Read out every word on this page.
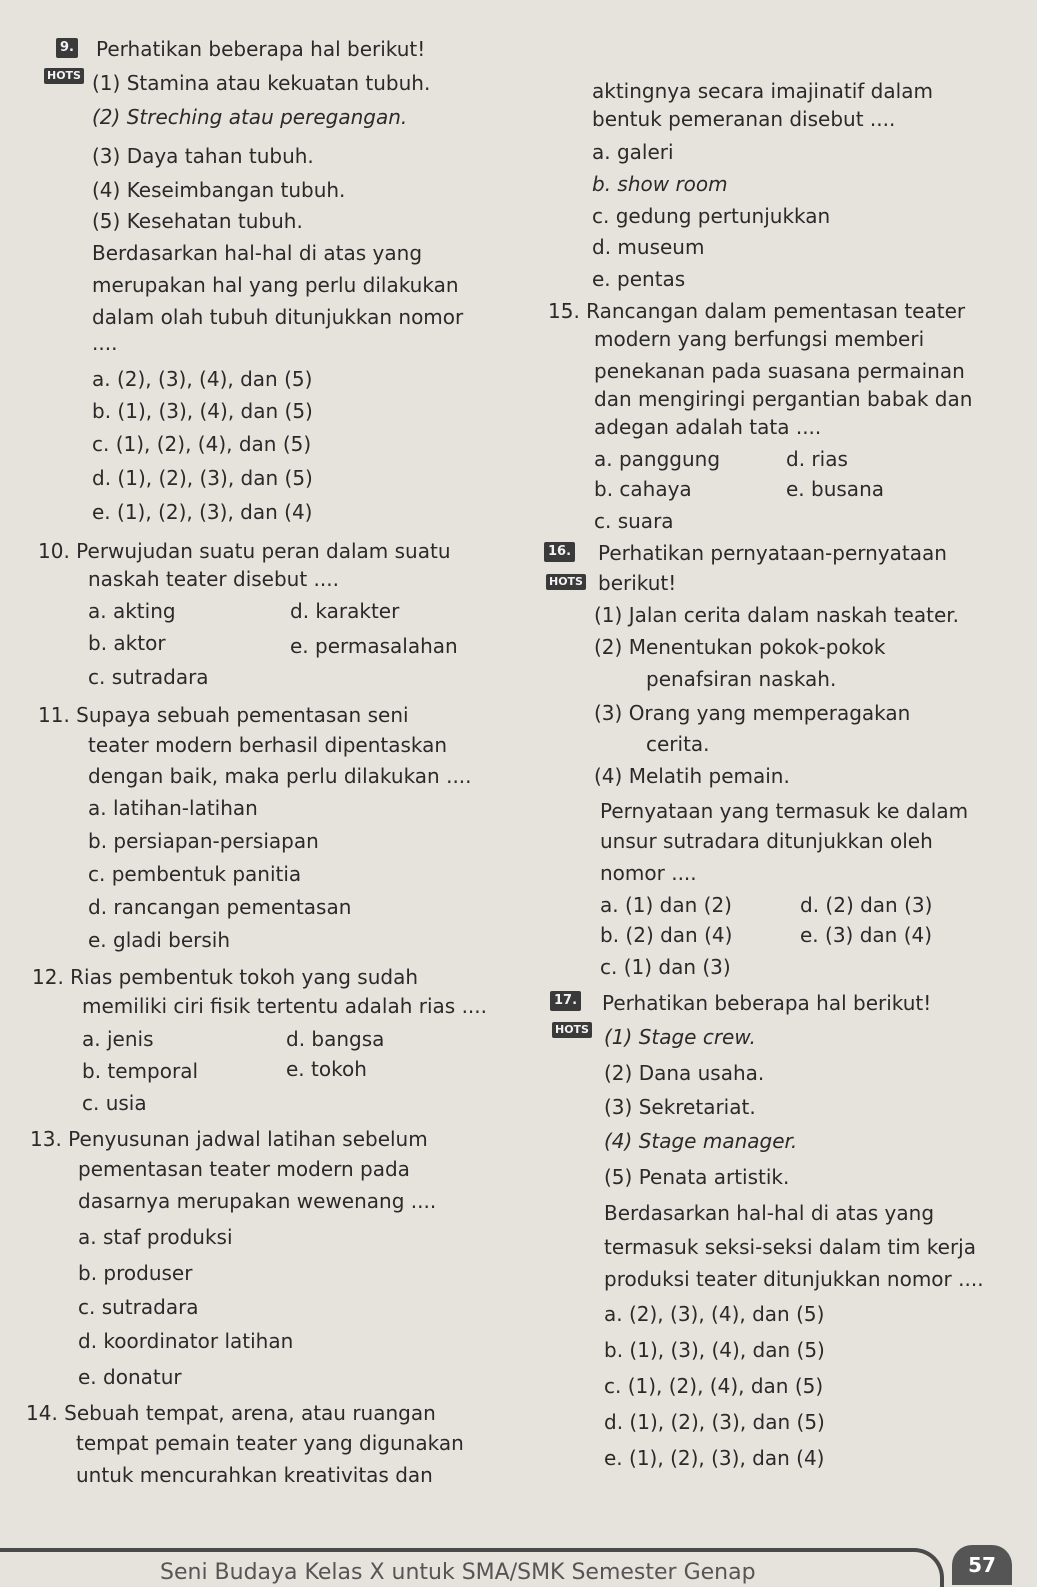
9.
HOTS
Perhatikan beberapa hal berikut!
(1) Stamina atau kekuatan tubuh.
(2) Streching atau peregangan.
(3) Daya tahan tubuh.
(4) Keseimbangan tubuh.
(5) Kesehatan tubuh.
Berdasarkan hal-hal di atas yang
merupakan hal yang perlu dilakukan
dalam olah tubuh ditunjukkan nomor
....
a. (2), (3), (4), dan (5)
b. (1), (3), (4), dan (5)
c. (1), (2), (4), dan (5)
d. (1), (2), (3), dan (5)
e. (1), (2), (3), dan (4)
10. Perwujudan suatu peran dalam suatu
naskah teater disebut ....
a. akting	d. karakter
b. aktor	e. permasalahan
c. sutradara
11. Supaya sebuah pementasan seni
teater modern berhasil dipentaskan
dengan baik, maka perlu dilakukan ....
a. latihan-latihan
b. persiapan-persiapan
c. pembentuk panitia
d. rancangan pementasan
e. gladi bersih
12. Rias pembentuk tokoh yang sudah
memiliki ciri fisik tertentu adalah rias ....
a. jenis	d. bangsa
b. temporal	e. tokoh
c. usia
13. Penyusunan jadwal latihan sebelum
pementasan teater modern pada
dasarnya merupakan wewenang ....
a. staf produksi
b. produser
c. sutradara
d. koordinator latihan
e. donatur
14. Sebuah tempat, arena, atau ruangan
tempat pemain teater yang digunakan
untuk mencurahkan kreativitas dan
aktingnya secara imajinatif dalam
bentuk pemeranan disebut ....
a. galeri
b. show room
c. gedung pertunjukkan
d. museum
e. pentas
15. Rancangan dalam pementasan teater
modern yang berfungsi memberi
penekanan pada suasana permainan
dan mengiringi pergantian babak dan
adegan adalah tata ....
a. panggung	d. rias
b. cahaya	e. busana
c. suara
16.
HOTS
Perhatikan pernyataan-pernyataan
berikut!
(1) Jalan cerita dalam naskah teater.
(2) Menentukan pokok-pokok
penafsiran naskah.
(3) Orang yang memperagakan
cerita.
(4) Melatih pemain.
Pernyataan yang termasuk ke dalam
unsur sutradara ditunjukkan oleh
nomor ....
a. (1) dan (2)	d. (2) dan (3)
b. (2) dan (4)	e. (3) dan (4)
c. (1) dan (3)
17.
HOTS
Perhatikan beberapa hal berikut!
(1) Stage crew.
(2) Dana usaha.
(3) Sekretariat.
(4) Stage manager.
(5) Penata artistik.
Berdasarkan hal-hal di atas yang
termasuk seksi-seksi dalam tim kerja
produksi teater ditunjukkan nomor ....
a. (2), (3), (4), dan (5)
b. (1), (3), (4), dan (5)
c. (1), (2), (4), dan (5)
d. (1), (2), (3), dan (5)
e. (1), (2), (3), dan (4)
Seni Budaya Kelas X untuk SMA/SMK Semester Genap	57
